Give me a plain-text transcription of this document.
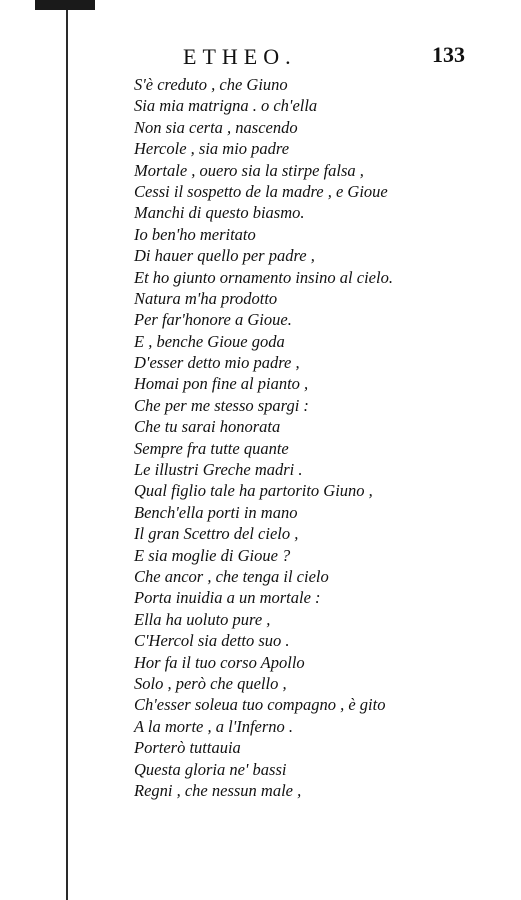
ETHEO.	133
S'è creduto , che Giuno
Sia mia matrigna . o ch'ella
Non sia certa , nascendo
Hercole , sia mio padre
Mortale , ouero sia la stirpe falsa ,
Cessi il sospetto de la madre , e Gioue
Manchi di questo biasmo.
Io ben'ho meritato
Di hauer quello per padre ,
Et ho giunto ornamento insino al cielo.
Natura m'ha prodotto
Per far'honore a Gioue.
E , benche Gioue goda
D'esser detto mio padre ,
Homai pon fine al pianto ,
Che per me stesso spargi :
Che tu sarai honorata
Sempre fra tutte quante
Le illustri Greche madri .
Qual figlio tale ha partorito Giuno ,
Bench'ella porti in mano
Il gran Scettro del cielo ,
E sia moglie di Gioue ?
Che ancor , che tenga il cielo
Porta inuidia a un mortale :
Ella ha uoluto pure ,
C'Hercol sia detto suo .
Hor fa il tuo corso Apollo
Solo , però che quello ,
Ch'esser soleua tuo compagno , è gito
A la morte , a l'Inferno .
Porterò tuttauia
Questa gloria ne' bassi
Regni , che nessun male ,
